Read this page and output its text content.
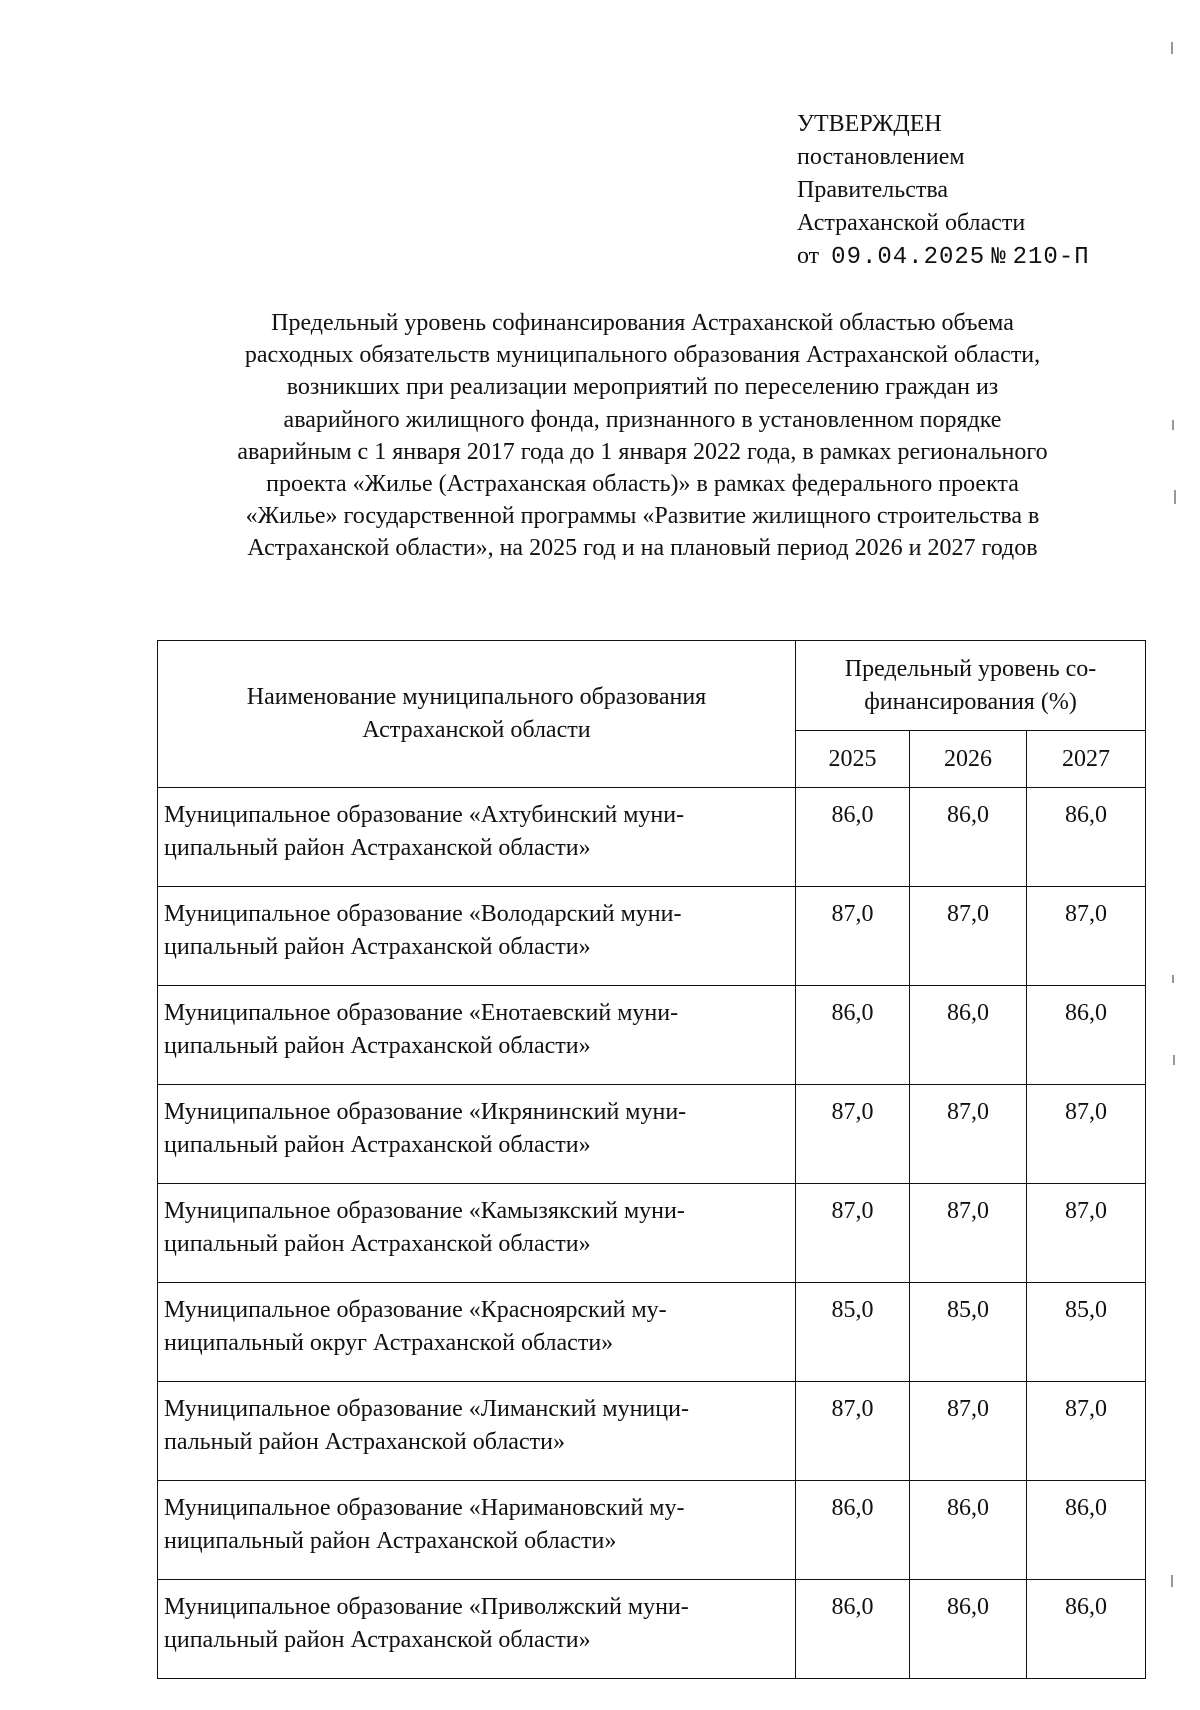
УТВЕРЖДЕН
постановлением
Правительства
Астраханской области
от 09.04.2025 № 210-П
Предельный уровень софинансирования Астраханской областью объема
расходных обязательств муниципального образования Астраханской области,
возникших при реализации мероприятий по переселению граждан из
аварийного жилищного фонда, признанного в установленном порядке
аварийным с 1 января 2017 года до 1 января 2022 года, в рамках регионального
проекта «Жилье (Астраханская область)» в рамках федерального проекта
«Жилье» государственной программы «Развитие жилищного строительства в
Астраханской области», на 2025 год и на плановый период 2026 и 2027 годов
Наименование муниципального образования
Астраханской области	Предельный уровень со-
финансирования (%)		
	2025	2026	2027
Муниципальное образование «Ахтубинский муни-
ципальный район Астраханской области»	86,0	86,0	86,0
Муниципальное образование «Володарский муни-
ципальный район Астраханской области»	87,0	87,0	87,0
Муниципальное образование «Енотаевский муни-
ципальный район Астраханской области»	86,0	86,0	86,0
Муниципальное образование «Икрянинский муни-
ципальный район Астраханской области»	87,0	87,0	87,0
Муниципальное образование «Камызякский муни-
ципальный район Астраханской области»	87,0	87,0	87,0
Муниципальное образование «Красноярский му-
ниципальный округ Астраханской области»	85,0	85,0	85,0
Муниципальное образование «Лиманский муници-
пальный район Астраханской области»	87,0	87,0	87,0
Муниципальное образование «Наримановский му-
ниципальный район Астраханской области»	86,0	86,0	86,0
Муниципальное образование «Приволжский муни-
ципальный район Астраханской области»	86,0	86,0	86,0
